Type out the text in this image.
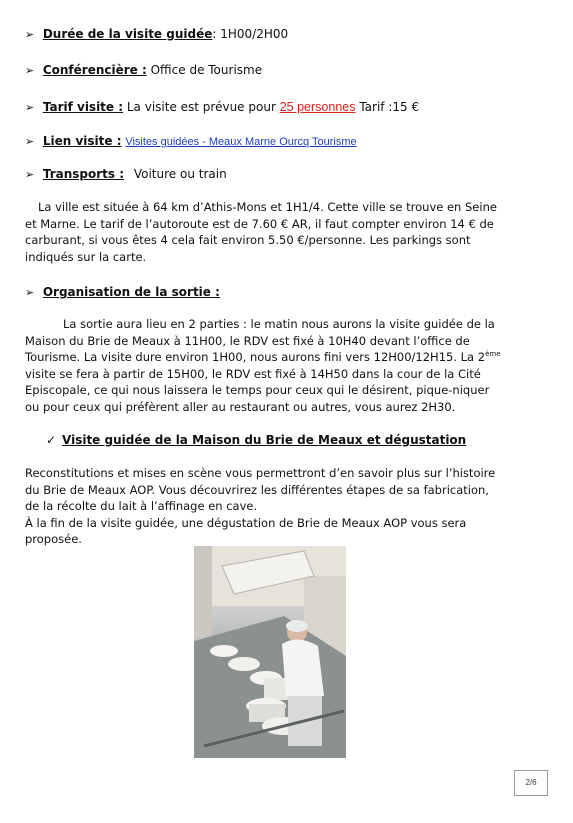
➢ Durée de la visite guidée: 1H00/2H00
➢ Conférencière : Office de Tourisme
➢ Tarif visite : La visite est prévue pour 25 personnes Tarif :15 €
➢ Lien visite : Visites guidées - Meaux Marne Ourcq Tourisme
➢ Transports : Voiture ou train

La ville est située à 64 km d’Athis-Mons et 1H1/4. Cette ville se trouve en Seine et Marne. Le tarif de l’autoroute est de 7.60 € AR, il faut compter environ 14 € de carburant, si vous êtes 4 cela fait environ 5.50 €/personne. Les parkings sont indiqués sur la carte.

➢ Organisation de la sortie :

La sortie aura lieu en 2 parties : le matin nous aurons la visite guidée de la Maison du Brie de Meaux à 11H00, le RDV est fixé à 10H40 devant l’office de Tourisme. La visite dure environ 1H00, nous aurons fini vers 12H00/12H15. La 2ème visite se fera à partir de 15H00, le RDV est fixé à 14H50 dans la cour de la Cité Episcopale, ce qui nous laissera le temps pour ceux qui le désirent, pique-niquer ou pour ceux qui préfèrent aller au restaurant ou autres, vous aurez 2H30.

✓ Visite guidée de la Maison du Brie de Meaux et dégustation

Reconstitutions et mises en scène vous permettront d’en savoir plus sur l’histoire du Brie de Meaux AOP. Vous découvrirez les différentes étapes de sa fabrication, de la récolte du lait à l’affinage en cave.
À la fin de la visite guidée, une dégustation de Brie de Meaux AOP vous sera proposée.

2/6
